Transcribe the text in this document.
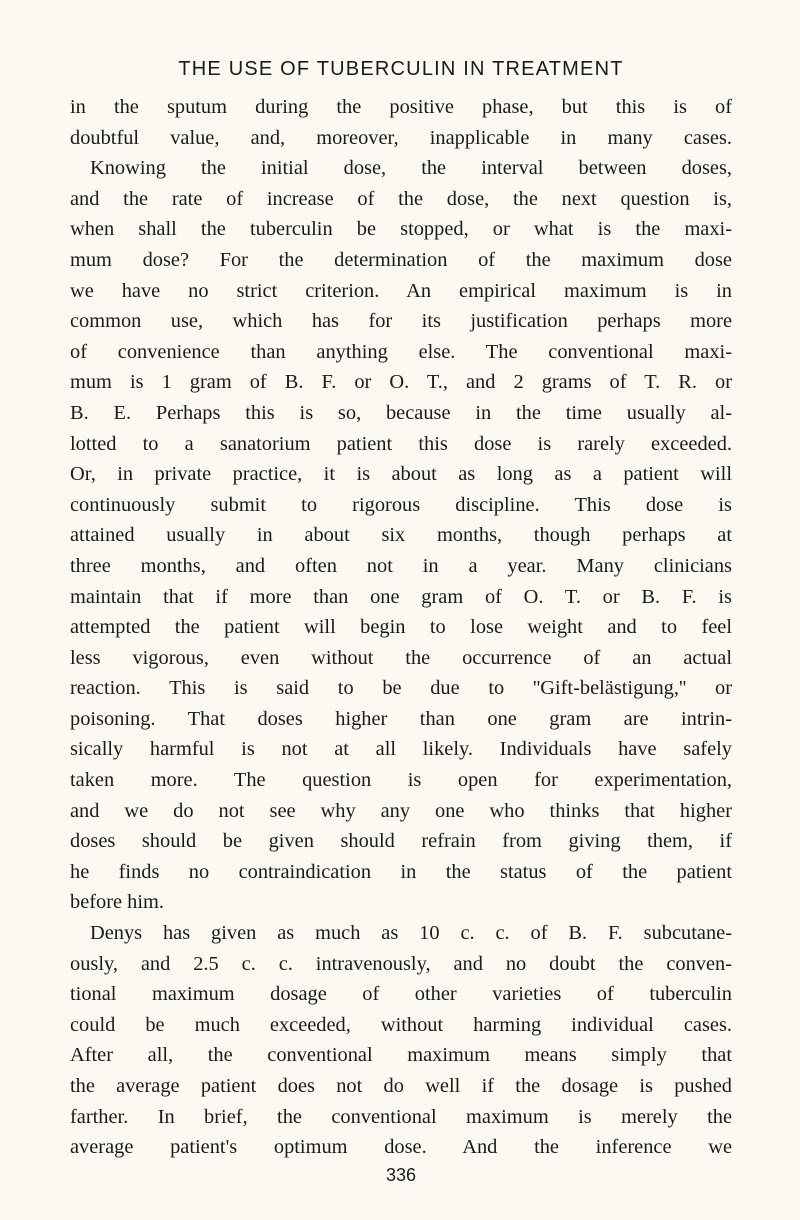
THE USE OF TUBERCULIN IN TREATMENT
in the sputum during the positive phase, but this is of
doubtful value, and, moreover, inapplicable in many cases.
Knowing the initial dose, the interval between doses,
and the rate of increase of the dose, the next question is,
when shall the tuberculin be stopped, or what is the maxi-
mum dose? For the determination of the maximum dose
we have no strict criterion. An empirical maximum is in
common use, which has for its justification perhaps more
of convenience than anything else. The conventional maxi-
mum is 1 gram of B. F. or O. T., and 2 grams of T. R. or
B. E. Perhaps this is so, because in the time usually al-
lotted to a sanatorium patient this dose is rarely exceeded.
Or, in private practice, it is about as long as a patient will
continuously submit to rigorous discipline. This dose is
attained usually in about six months, though perhaps at
three months, and often not in a year. Many clinicians
maintain that if more than one gram of O. T. or B. F. is
attempted the patient will begin to lose weight and to feel
less vigorous, even without the occurrence of an actual
reaction. This is said to be due to ''Gift-belästigung,'' or
poisoning. That doses higher than one gram are intrin-
sically harmful is not at all likely. Individuals have safely
taken more. The question is open for experimentation,
and we do not see why any one who thinks that higher
doses should be given should refrain from giving them, if
he finds no contraindication in the status of the patient
before him.
Denys has given as much as 10 c. c. of B. F. subcutane-
ously, and 2.5 c. c. intravenously, and no doubt the conven-
tional maximum dosage of other varieties of tuberculin
could be much exceeded, without harming individual cases.
After all, the conventional maximum means simply that
the average patient does not do well if the dosage is pushed
farther. In brief, the conventional maximum is merely the
average patient's optimum dose. And the inference we
336
